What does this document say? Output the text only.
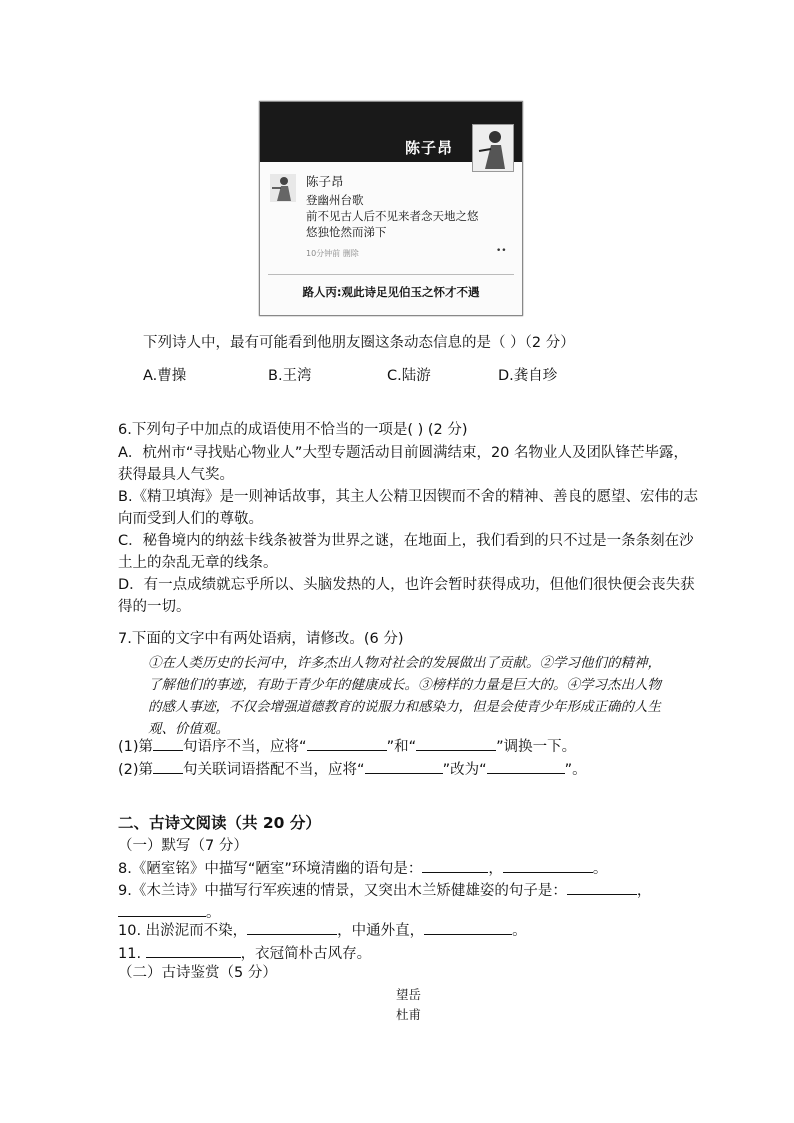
陈子昂
陈子昂
登幽州台歌
前不见古人后不见来者念天地之悠
悠独怆然而涕下
10分钟前 删除	••
路人丙:观此诗足见伯玉之怀才不遇
下列诗人中，最有可能看到他朋友圈这条动态信息的是（ ）（2 分）
A.曹操	B.王湾	C.陆游	D.龚自珍
6.下列句子中加点的成语使用不恰当的一项是( ) (2 分)
A．杭州市“寻找贴心物业人”大型专题活动目前圆满结束，20 名物业人及团队锋芒毕露，
获得最具人气奖。
B.《精卫填海》是一则神话故事，其主人公精卫因锲而不舍的精神、善良的愿望、宏伟的志
向而受到人们的尊敬。
C．秘鲁境内的纳兹卡线条被誉为世界之谜，在地面上，我们看到的只不过是一条条刻在沙
土上的杂乱无章的线条。
D．有一点成绩就忘乎所以、头脑发热的人，也许会暂时获得成功，但他们很快便会丧失获
得的一切。
7.下面的文字中有两处语病，请修改。(6 分)
①在人类历史的长河中，许多杰出人物对社会的发展做出了贡献。②学习他们的精神，
了解他们的事迹，有助于青少年的健康成长。③榜样的力量是巨大的。④学习杰出人物
的感人事迹，不仅会增强道德教育的说服力和感染力，但是会使青少年形成正确的人生
观、价值观。
(1)第 句语序不当，应将“	”和“	”调换一下。
(2)第 句关联词语搭配不当，应将“	”改为“	”。
二、古诗文阅读（共 20 分）
（一）默写（7 分）
8.《陋室铭》中描写“陋室”环境清幽的语句是：	，	。
9.《木兰诗》中描写行军疾速的情景，又突出木兰矫健雄姿的句子是：	，
。
10. 出淤泥而不染，	，中通外直，	。
11.	，衣冠简朴古风存。
（二）古诗鉴赏（5 分）
望岳
杜甫
